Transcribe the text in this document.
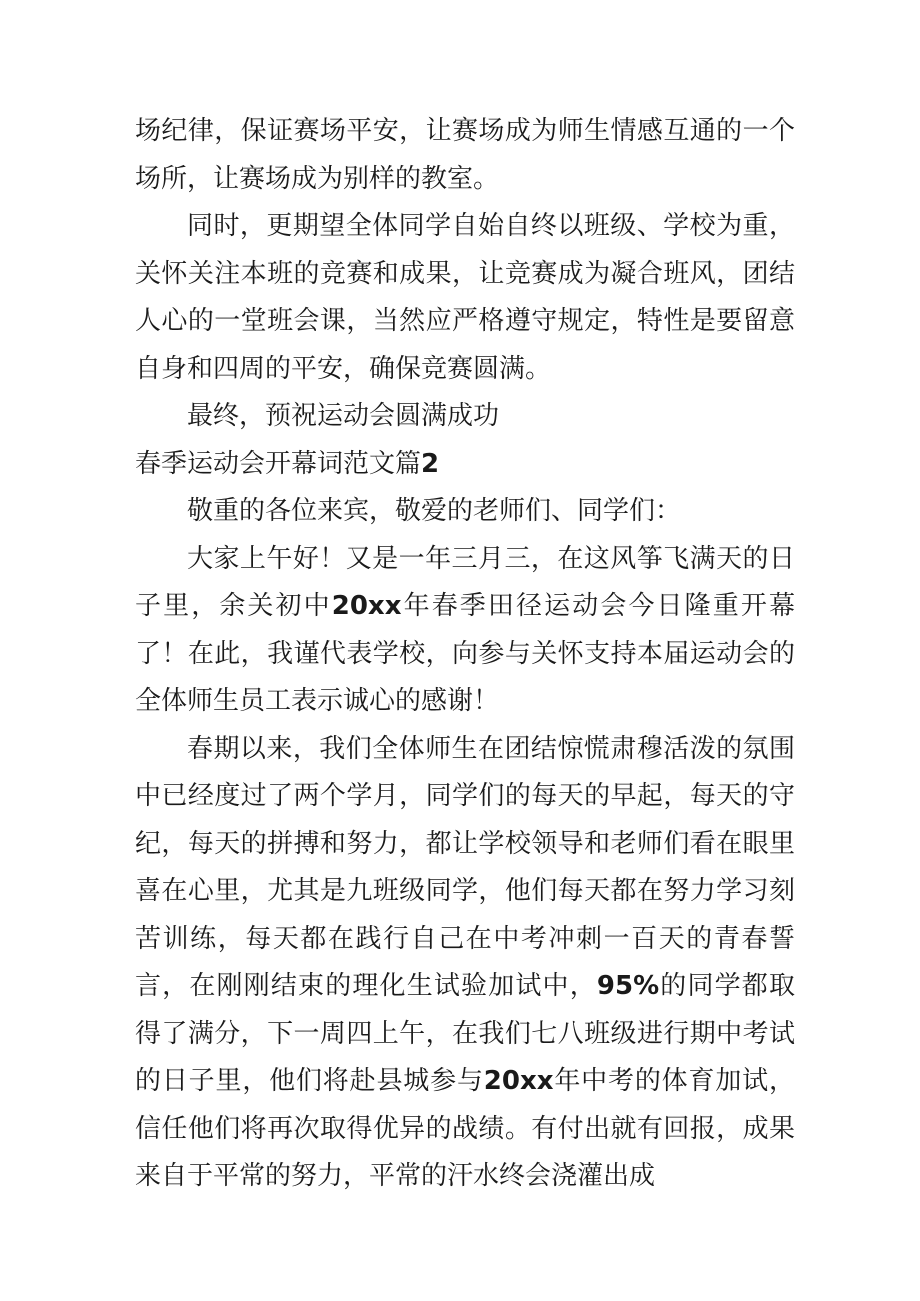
场纪律，保证赛场平安，让赛场成为师生情感互通的一个场所，让赛场成为别样的教室。

同时，更期望全体同学自始自终以班级、学校为重，关怀关注本班的竞赛和成果，让竞赛成为凝合班风，团结人心的一堂班会课，当然应严格遵守规定，特性是要留意自身和四周的平安，确保竞赛圆满。

最终，预祝运动会圆满成功

春季运动会开幕词范文篇2

敬重的各位来宾，敬爱的老师们、同学们：

大家上午好！又是一年三月三，在这风筝飞满天的日子里，余关初中20xx年春季田径运动会今日隆重开幕了！在此，我谨代表学校，向参与关怀支持本届运动会的全体师生员工表示诚心的感谢！

春期以来，我们全体师生在团结惊慌肃穆活泼的氛围中已经度过了两个学月，同学们的每天的早起，每天的守纪，每天的拼搏和努力，都让学校领导和老师们看在眼里喜在心里，尤其是九班级同学，他们每天都在努力学习刻苦训练，每天都在践行自己在中考冲刺一百天的青春誓言，在刚刚结束的理化生试验加试中，95%的同学都取得了满分，下一周四上午，在我们七八班级进行期中考试的日子里，他们将赴县城参与20xx年中考的体育加试，信任他们将再次取得优异的战绩。有付出就有回报，成果来自于平常的努力，平常的汗水终会浇灌出成
